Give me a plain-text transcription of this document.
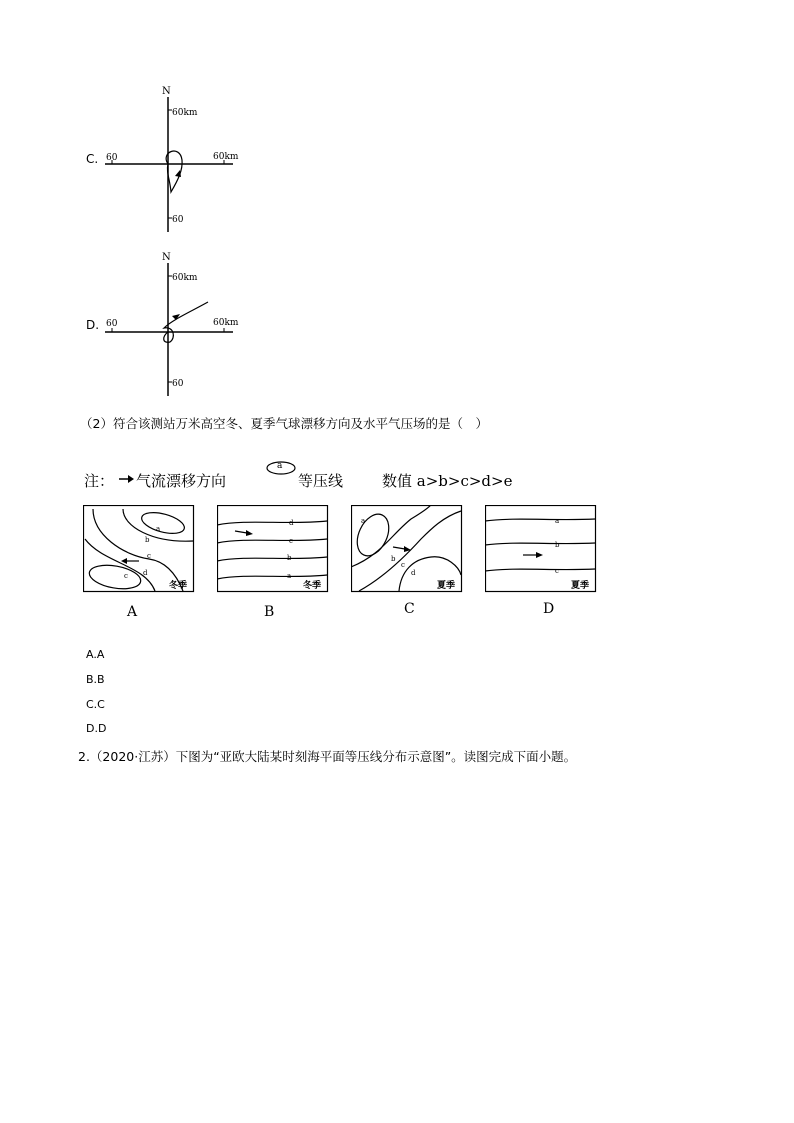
C.
N
60km
60	60km
60
D.
N
60km
60	60km
60
（2）符合该测站万米高空冬、夏季气球漂移方向及水平气压场的是（　）
注： 气流漂移方向
a
等压线	数值 a>b>c>d>e
a
b
c
c d
冬季
A
d
c
b
a
冬季
B
a
b
c
d
夏季
C
a
b
c
夏季
D
A.A
B.B
C.C
D.D
2.（2020·江苏）下图为“亚欧大陆某时刻海平面等压线分布示意图”。读图完成下面小题。
